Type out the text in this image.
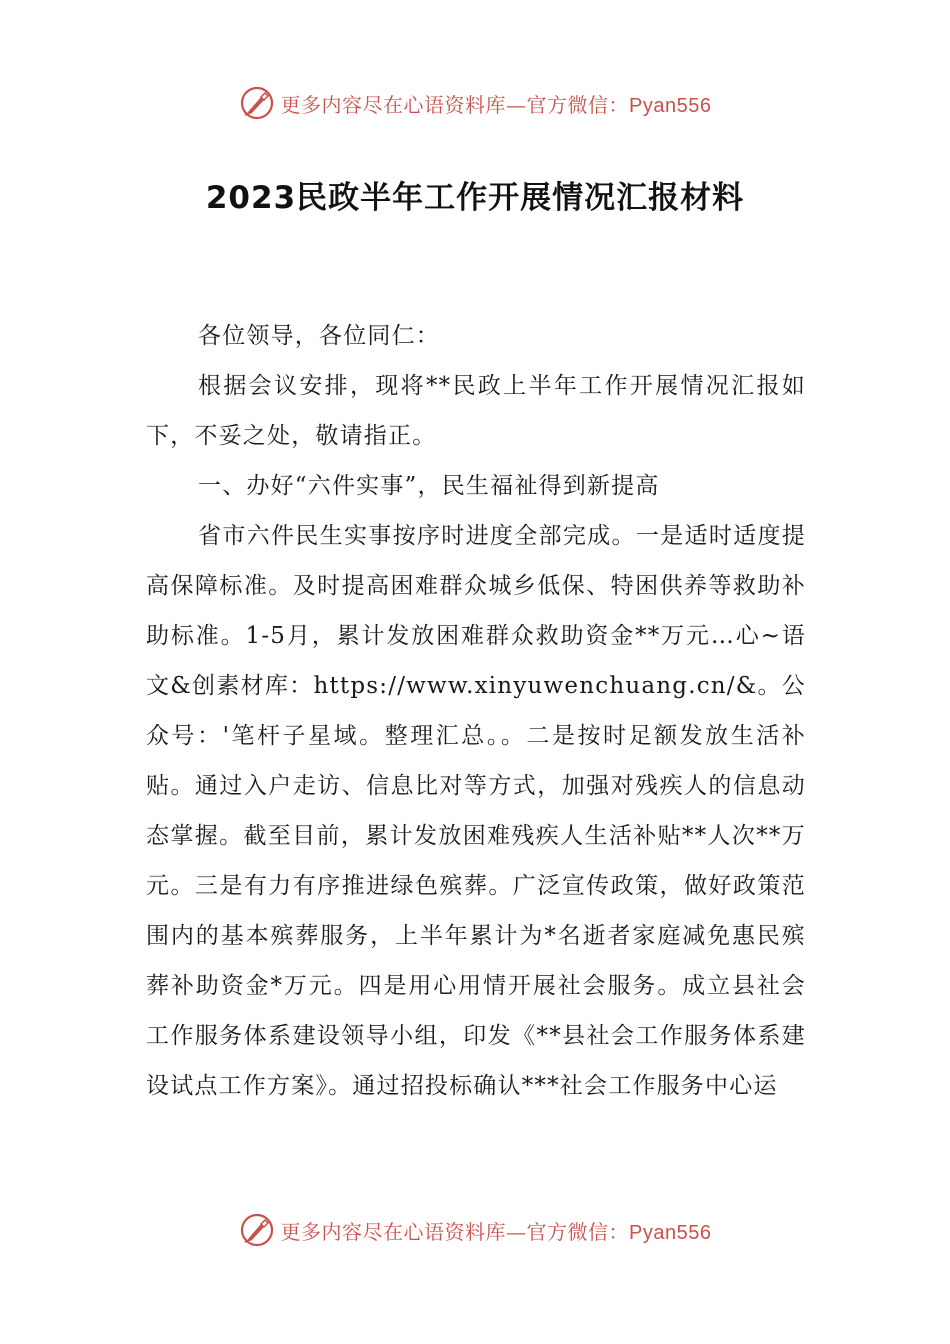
更多内容尽在心语资料库—官方微信：Pyan556
2023民政半年工作开展情况汇报材料

各位领导，各位同仁：

根据会议安排，现将**民政上半年工作开展情况汇报如下，不妥之处，敬请指正。

一、办好“六件实事”，民生福祉得到新提高

省市六件民生实事按序时进度全部完成。一是适时适度提高保障标准。及时提高困难群众城乡低保、特困供养等救助补助标准。1-5月，累计发放困难群众救助资金**万元…心~语文&创素材库：https://www.xinyuwenchuang.cn/&。公众号：'笔杆子星域。整理汇总。。二是按时足额发放生活补贴。通过入户走访、信息比对等方式，加强对残疾人的信息动态掌握。截至目前，累计发放困难残疾人生活补贴**人次**万元。三是有力有序推进绿色殡葬。广泛宣传政策，做好政策范围内的基本殡葬服务，上半年累计为*名逝者家庭减免惠民殡葬补助资金*万元。四是用心用情开展社会服务。成立县社会工作服务体系建设领导小组，印发《**县社会工作服务体系建设试点工作方案》。通过招投标确认***社会工作服务中心运

更多内容尽在心语资料库—官方微信：Pyan556
